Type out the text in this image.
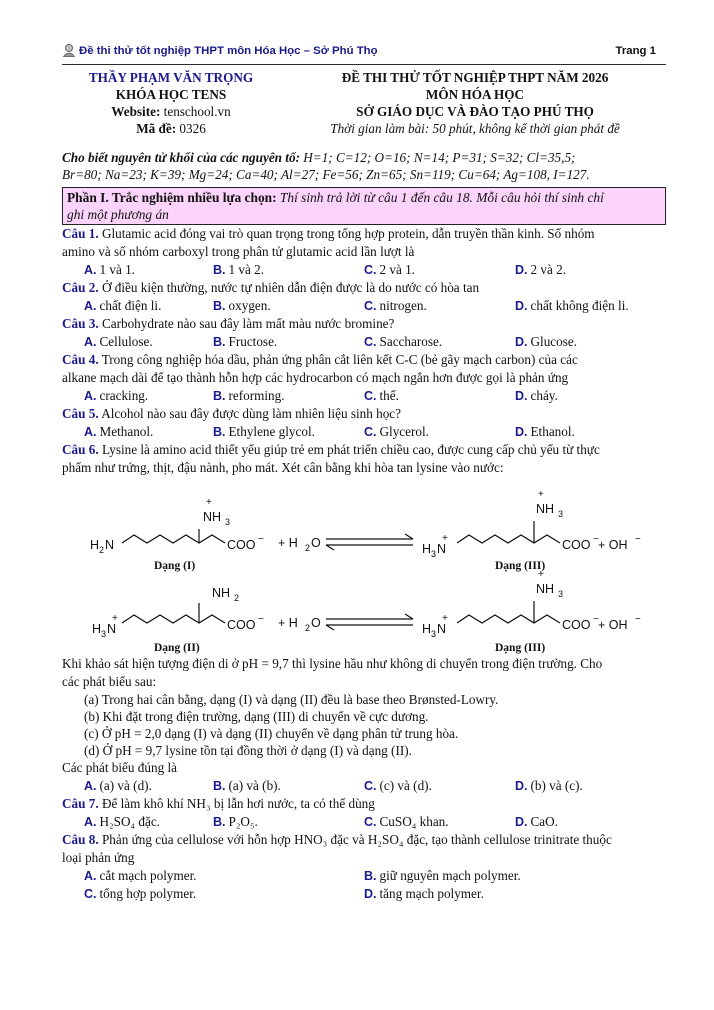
Đề thi thử tốt nghiệp THPT môn Hóa Học – Sở Phú Thọ	Trang 1
THẦY PHẠM VĂN TRỌNG
KHÓA HỌC TENS
Website: tenschool.vn
Mã đề: 0326
ĐỀ THI THỬ TỐT NGHIỆP THPT NĂM 2026
MÔN HÓA HỌC
SỞ GIÁO DỤC VÀ ĐÀO TẠO PHÚ THỌ
Thời gian làm bài: 50 phút, không kể thời gian phát đề
Cho biết nguyên tử khối của các nguyên tố: H=1; C=12; O=16; N=14; P=31; S=32; Cl=35,5;
Br=80; Na=23; K=39; Mg=24; Ca=40; Al=27; Fe=56; Zn=65; Sn=119; Cu=64; Ag=108, I=127.
Phần I. Trắc nghiệm nhiều lựa chọn: Thí sinh trả lời từ câu 1 đến câu 18. Mỗi câu hỏi thí sinh chỉ
ghi một phương án
Câu 1. Glutamic acid đóng vai trò quan trọng trong tổng hợp protein, dẫn truyền thần kinh. Số nhóm
amino và số nhóm carboxyl trong phân tử glutamic acid lần lượt là
A. 1 và 1.	B. 1 và 2.	C. 2 và 1.	D. 2 và 2.
Câu 2. Ở điều kiện thường, nước tự nhiên dẫn điện được là do nước có hòa tan
A. chất điện li.	B. oxygen.	C. nitrogen.	D. chất không điện li.
Câu 3. Carbohydrate nào sau đây làm mất màu nước bromine?
A. Cellulose.	B. Fructose.	C. Saccharose.	D. Glucose.
Câu 4. Trong công nghiệp hóa dầu, phản ứng phân cắt liên kết C-C (bẻ gãy mạch carbon) của các
alkane mạch dài để tạo thành hỗn hợp các hydrocarbon có mạch ngắn hơn được gọi là phản ứng
A. cracking.	B. reforming.	C. thế.	D. cháy.
Câu 5. Alcohol nào sau đây được dùng làm nhiên liệu sinh học?
A. Methanol.	B. Ethylene glycol.	C. Glycerol.	D. Ethanol.
Câu 6. Lysine là amino acid thiết yếu giúp trẻ em phát triển chiều cao, được cung cấp chủ yếu từ thực
phẩm như trứng, thịt, đậu nành, pho mát. Xét cân bằng khi hòa tan lysine vào nước:
+
NH 3
H 2 N	COO − + H 2 O
Dạng (I)
+
NH 3
H 3 N
+	COO − + OH −
Dạng (III)
NH 2
H 3 N
+	COO − + H 2 O
Dạng (II)
+
NH 3
H 3 N
+	COO − + OH −
Dạng (III)
Khi khảo sát hiện tượng điện di ở pH = 9,7 thì lysine hầu như không di chuyển trong điện trường. Cho
các phát biểu sau:
(a) Trong hai cân bằng, dạng (I) và dạng (II) đều là base theo Brønsted-Lowry.
(b) Khi đặt trong điện trường, dạng (III) di chuyển về cực dương.
(c) Ở pH = 2,0 dạng (I) và dạng (II) chuyển về dạng phân tử trung hòa.
(d) Ở pH = 9,7 lysine tồn tại đồng thời ở dạng (I) và dạng (II).
Các phát biểu đúng là
A. (a) và (d).	B. (a) và (b).	C. (c) và (d).	D. (b) và (c).
Câu 7. Để làm khô khí NH₃ bị lẫn hơi nước, ta có thể dùng
A. H₂SO₄ đặc.	B. P₂O₅.	C. CuSO₄ khan.	D. CaO.
Câu 8. Phản ứng của cellulose với hỗn hợp HNO₃ đặc và H₂SO₄ đặc, tạo thành cellulose trinitrate thuộc
loại phản ứng
A. cắt mạch polymer.	B. giữ nguyên mạch polymer.
C. tổng hợp polymer.	D. tăng mạch polymer.
